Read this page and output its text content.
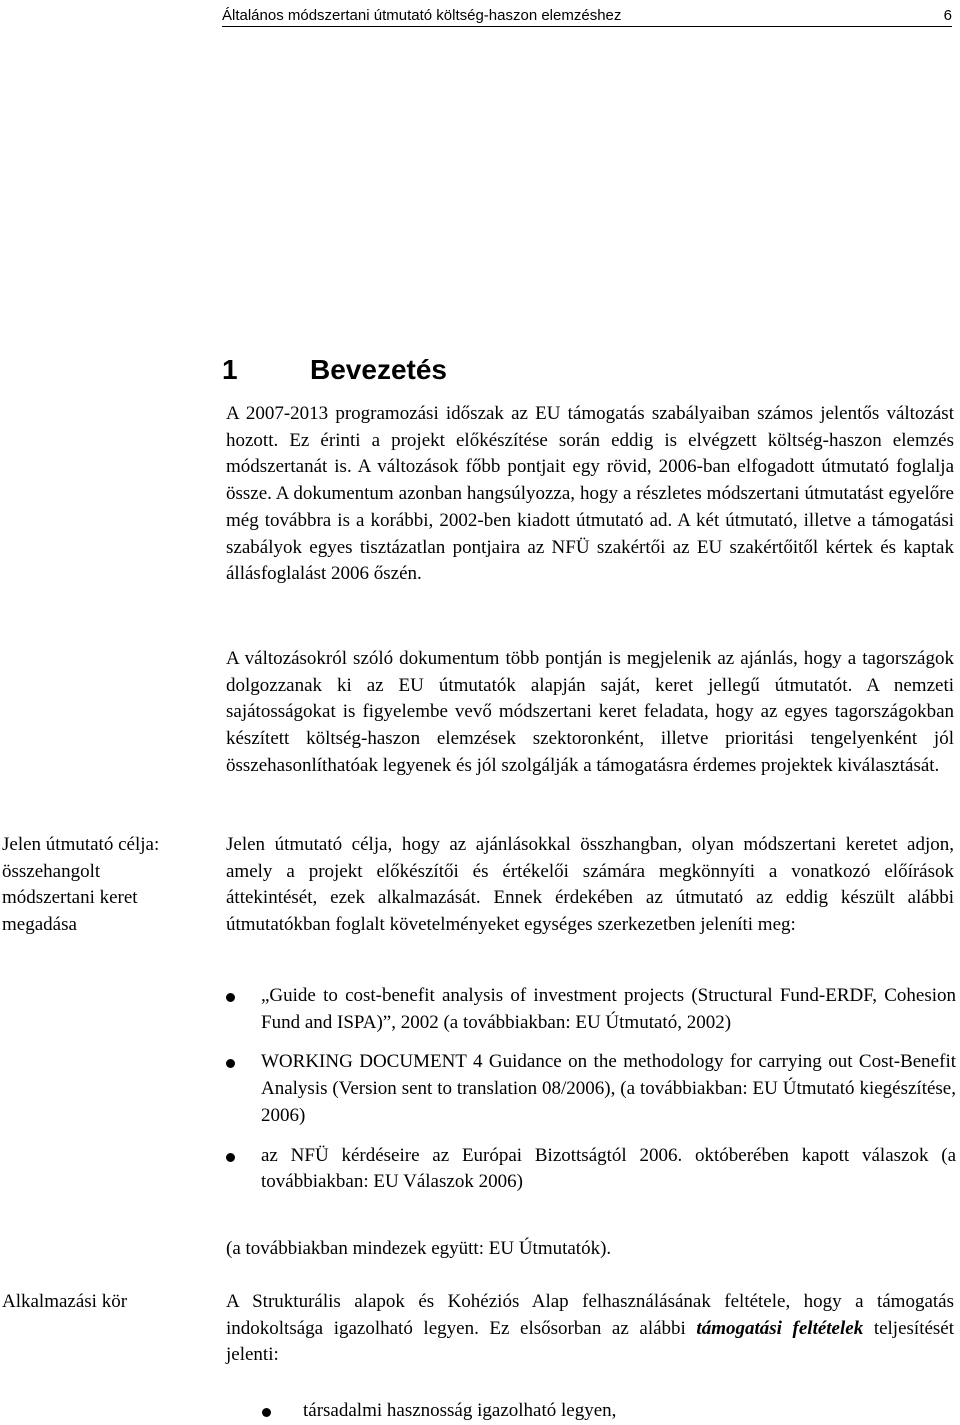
Általános módszertani útmutató költség-haszon elemzéshez	6
1	Bevezetés

A 2007-2013 programozási időszak az EU támogatás szabályaiban számos jelentős változást hozott. Ez érinti a projekt előkészítése során eddig is elvégzett költség-haszon elemzés módszertanát is. A változások főbb pontjait egy rövid, 2006-ban elfogadott útmutató foglalja össze. A dokumentum azonban hangsúlyozza, hogy a részletes módszertani útmutatást egyelőre még továbbra is a korábbi, 2002-ben kiadott útmutató ad. A két útmutató, illetve a támogatási szabályok egyes tisztázatlan pontjaira az NFÜ szakértői az EU szakértőitől kértek és kaptak állásfoglalást 2006 őszén.

A változásokról szóló dokumentum több pontján is megjelenik az ajánlás, hogy a tagországok dolgozzanak ki az EU útmutatók alapján saját, keret jellegű útmutatót. A nemzeti sajátosságokat is figyelembe vevő módszertani keret feladata, hogy az egyes tagországokban készített költség-haszon elemzések szektoronként, illetve prioritási tengelyenként jól összehasonlíthatóak legyenek és jól szolgálják a támogatásra érdemes projektek kiválasztását.

Jelen útmutató célja: összehangolt módszertani keret megadása

Jelen útmutató célja, hogy az ajánlásokkal összhangban, olyan módszertani keretet adjon, amely a projekt előkészítői és értékelői számára megkönnyíti a vonatkozó előírások áttekintését, ezek alkalmazását. Ennek érdekében az útmutató az eddig készült alábbi útmutatókban foglalt követelményeket egységes szerkezetben jeleníti meg:

„Guide to cost-benefit analysis of investment projects (Structural Fund-ERDF, Cohesion Fund and ISPA)”, 2002 (a továbbiakban: EU Útmutató, 2002)
WORKING DOCUMENT 4 Guidance on the methodology for carrying out Cost-Benefit Analysis (Version sent to translation 08/2006), (a továbbiakban: EU Útmutató kiegészítése, 2006)
az NFÜ kérdéseire az Európai Bizottságtól 2006. októberében kapott válaszok (a továbbiakban: EU Válaszok 2006)

(a továbbiakban mindezek együtt: EU Útmutatók).

Alkalmazási kör	A Strukturális alapok és Kohéziós Alap felhasználásának feltétele, hogy a támogatás indokoltsága igazolható legyen. Ez elsősorban az alábbi támogatási feltételek teljesítését jelenti:

társadalmi hasznosság igazolható legyen,
